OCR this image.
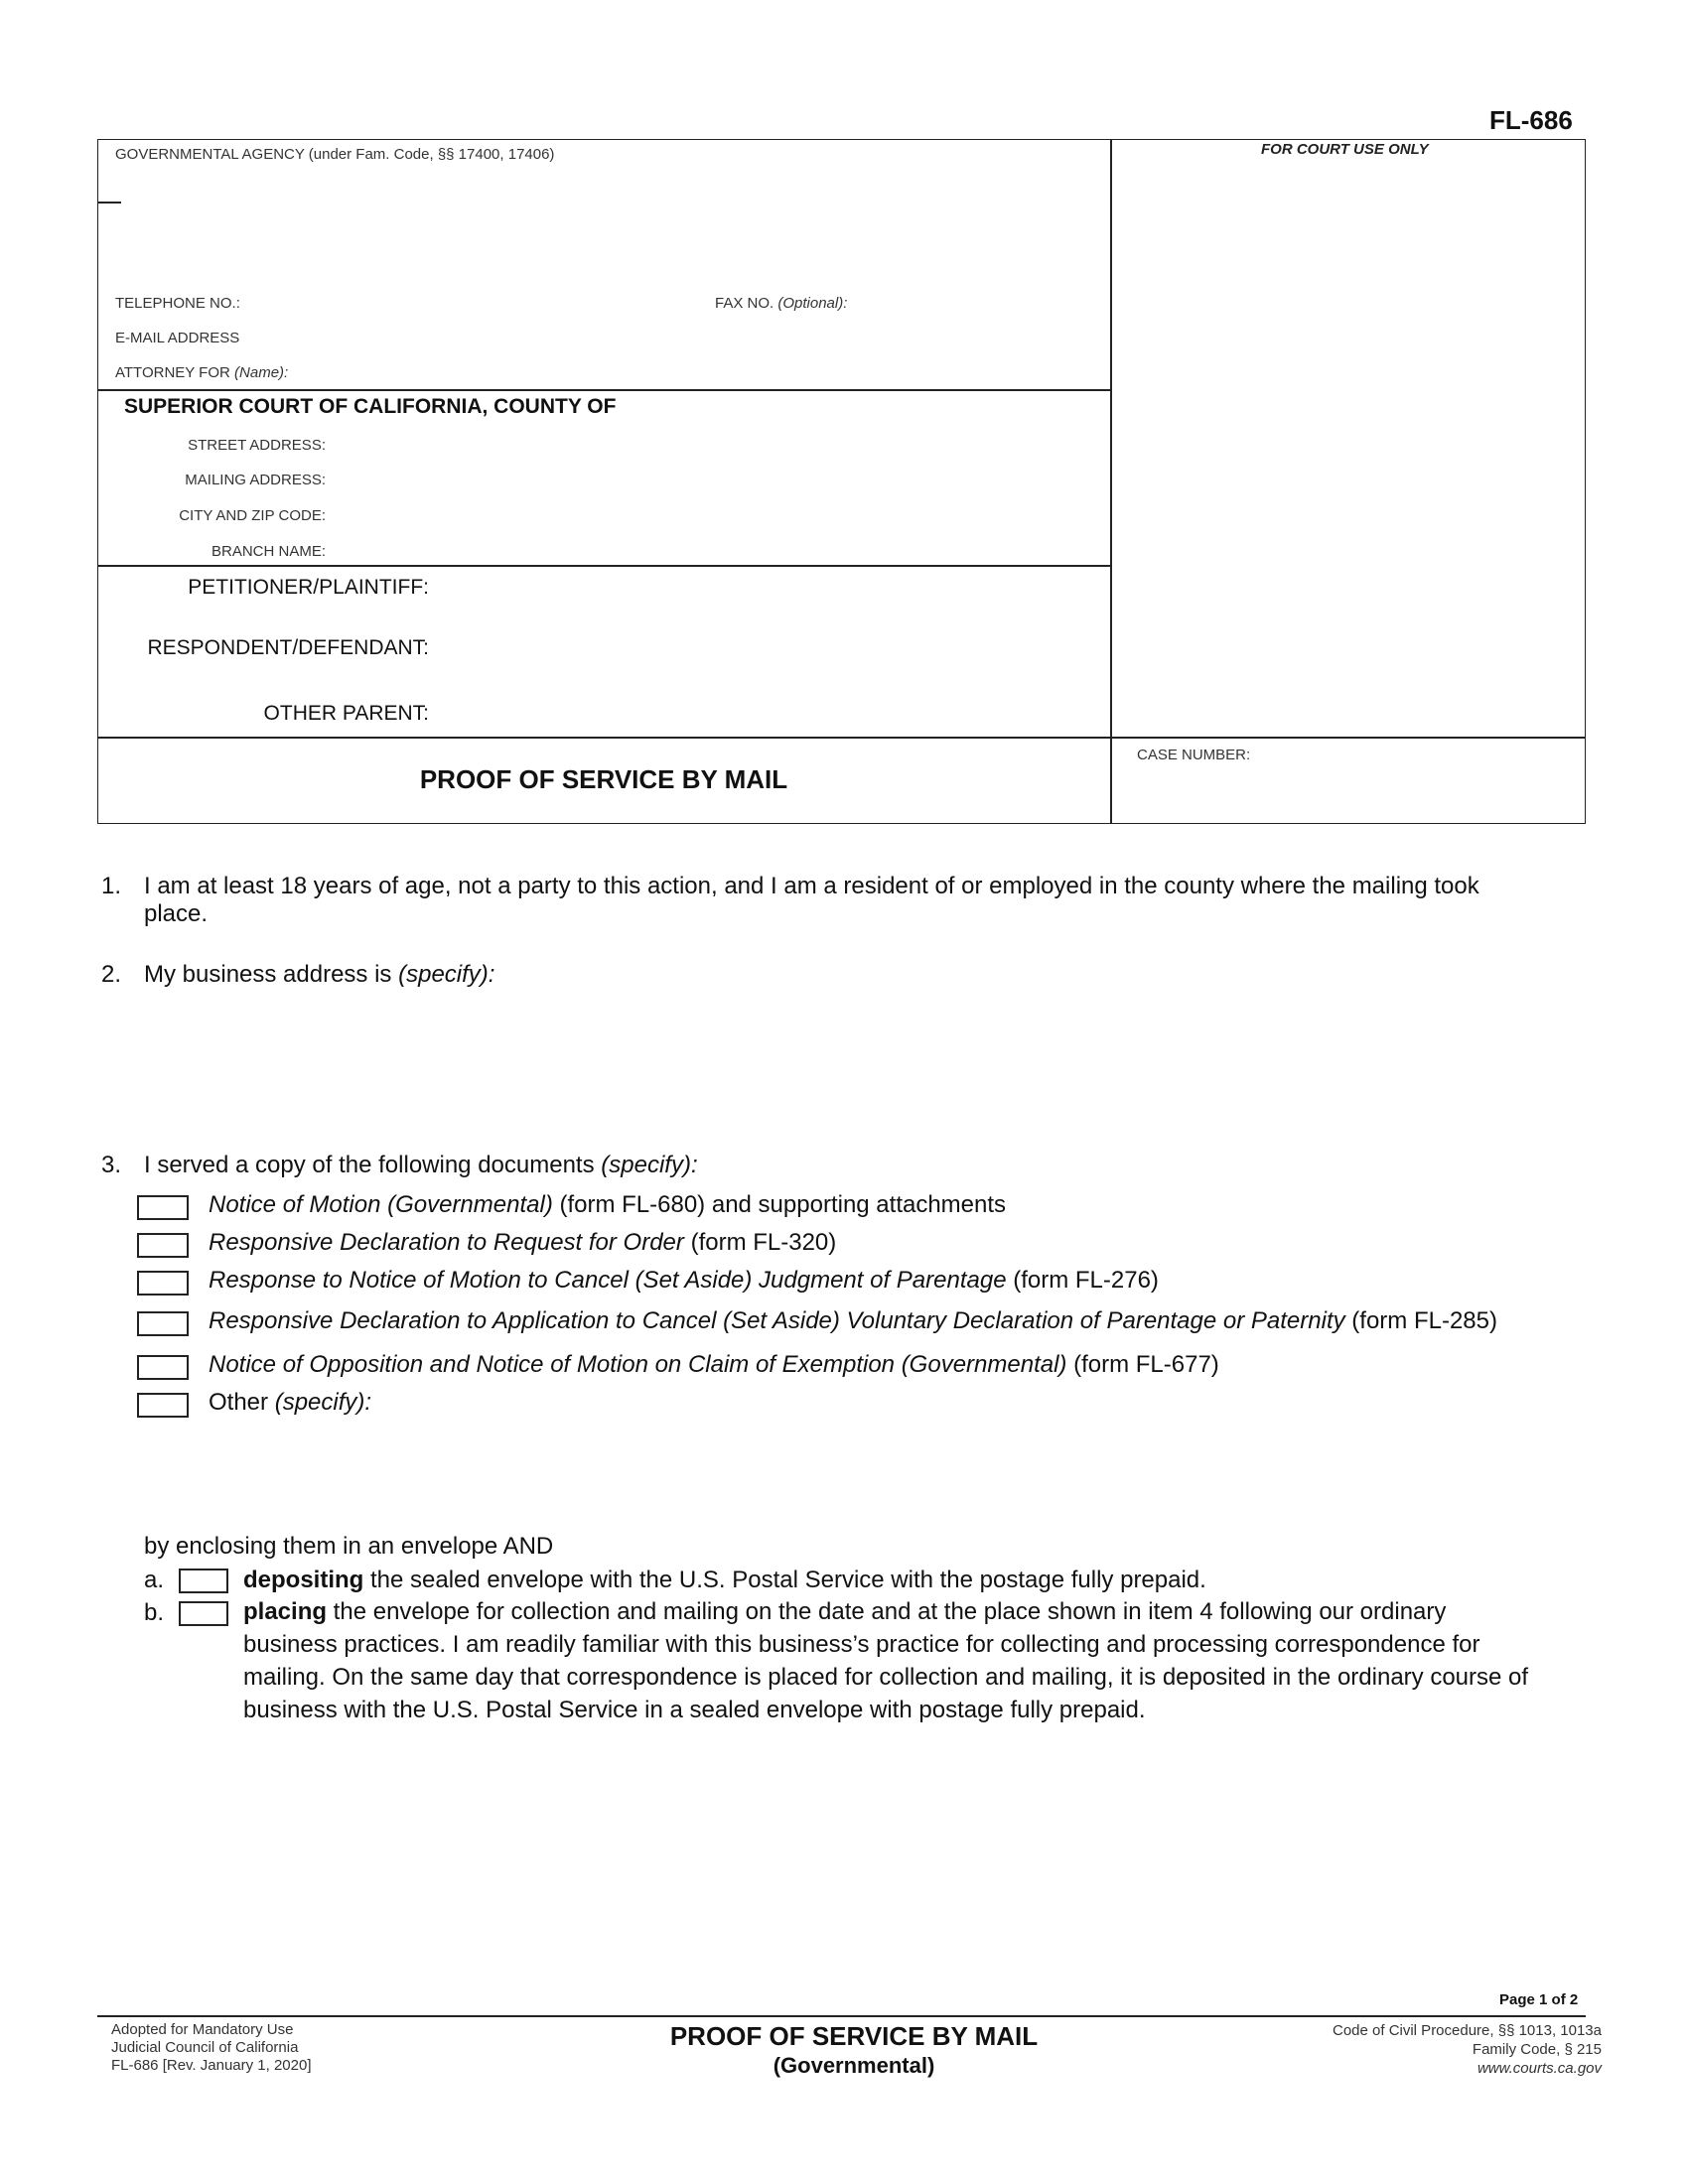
FL-686
GOVERNMENTAL AGENCY (under Fam. Code, §§ 17400, 17406)	FOR COURT USE ONLY
TELEPHONE NO.:	FAX NO. (Optional):
E-MAIL ADDRESS
ATTORNEY FOR (Name):
SUPERIOR COURT OF CALIFORNIA, COUNTY OF
STREET ADDRESS:
MAILING ADDRESS:
CITY AND ZIP CODE:
BRANCH NAME:
PETITIONER/PLAINTIFF:
RESPONDENT/DEFENDANT:
OTHER PARENT:
PROOF OF SERVICE BY MAIL
CASE NUMBER:
1. I am at least 18 years of age, not a party to this action, and I am a resident of or employed in the county where the mailing took
place.
2. My business address is (specify):
3. I served a copy of the following documents (specify):
Notice of Motion (Governmental) (form FL-680) and supporting attachments
Responsive Declaration to Request for Order (form FL-320)
Response to Notice of Motion to Cancel (Set Aside) Judgment of Parentage (form FL-276)
Responsive Declaration to Application to Cancel (Set Aside) Voluntary Declaration of Parentage or Paternity (form FL-285)
Notice of Opposition and Notice of Motion on Claim of Exemption (Governmental) (form FL-677)
Other (specify):
by enclosing them in an envelope AND
a.	depositing the sealed envelope with the U.S. Postal Service with the postage fully prepaid.
b.	placing the envelope for collection and mailing on the date and at the place shown in item 4 following our ordinary
business practices. I am readily familiar with this business’s practice for collecting and processing correspondence for
mailing. On the same day that correspondence is placed for collection and mailing, it is deposited in the ordinary course of
business with the U.S. Postal Service in a sealed envelope with postage fully prepaid.
Page 1 of 2
Adopted for Mandatory Use
Judicial Council of California
FL-686 [Rev. January 1, 2020]
PROOF OF SERVICE BY MAIL
(Governmental)
Code of Civil Procedure, §§ 1013, 1013a
Family Code, § 215
www.courts.ca.gov
